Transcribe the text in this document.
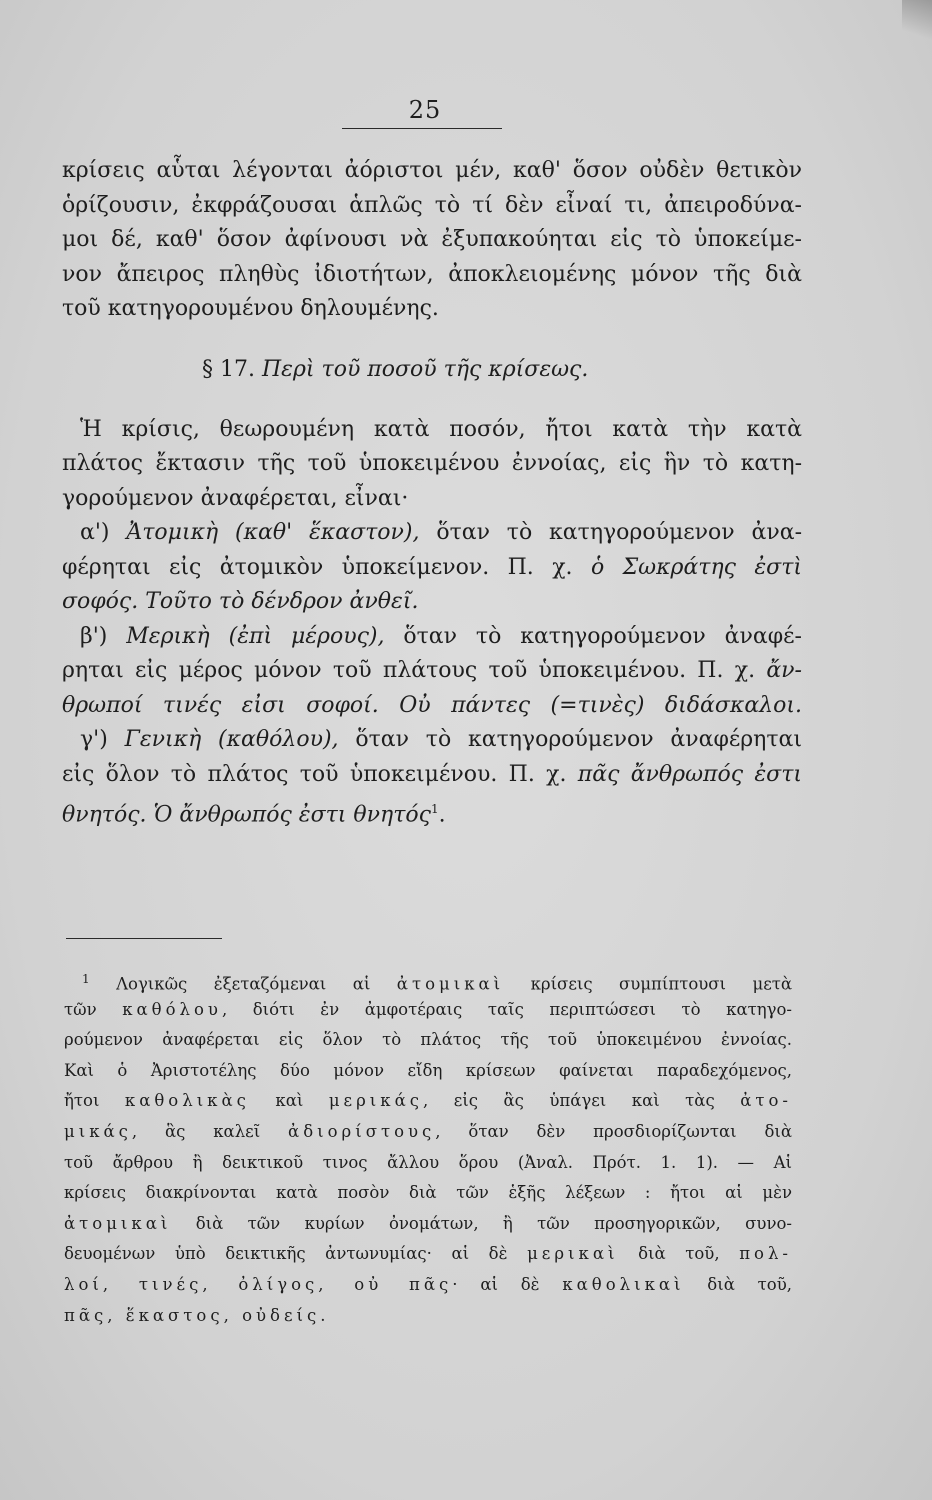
25
κρίσεις αὗται λέγονται ἀόριστοι μέν, καθ' ὅσον οὐδὲν θετικὸν
ὁρίζουσιν, ἐκφράζουσαι ἁπλῶς τὸ τί δὲν εἶναί τι, ἀπειροδύνα-
μοι δέ, καθ' ὅσον ἀφίνουσι νὰ ἐξυπακούηται εἰς τὸ ὑποκείμε-
νον ἄπειρος πληθὺς ἰδιοτήτων, ἀποκλειομένης μόνον τῆς διὰ
τοῦ κατηγορουμένου δηλουμένης.
§ 17. Περὶ τοῦ ποσοῦ τῆς κρίσεως.
Ἡ κρίσις, θεωρουμένη κατὰ ποσόν, ἤτοι κατὰ τὴν κατὰ
πλάτος ἔκτασιν τῆς τοῦ ὑποκειμένου ἐννοίας, εἰς ἣν τὸ κατη-
γορούμενον ἀναφέρεται, εἶναι·
α') Ἀτομικὴ (καθ' ἕκαστον), ὅταν τὸ κατηγορούμενον ἀνα-
φέρηται εἰς ἀτομικὸν ὑποκείμενον. Π. χ. ὁ Σωκράτης ἐστὶ
σοφός. Τοῦτο τὸ δένδρον ἀνθεῖ.
β') Μερικὴ (ἐπὶ μέρους), ὅταν τὸ κατηγορούμενον ἀναφέ-
ρηται εἰς μέρος μόνον τοῦ πλάτους τοῦ ὑποκειμένου. Π. χ. ἄν-
θρωποί τινές εἰσι σοφοί. Οὐ πάντες (=τινὲς) διδάσκαλοι.
γ') Γενικὴ (καθόλου), ὅταν τὸ κατηγορούμενον ἀναφέρηται
εἰς ὅλον τὸ πλάτος τοῦ ὑποκειμένου. Π. χ. πᾶς ἄνθρωπός ἐστι
θνητός. Ὁ ἄνθρωπός ἐστι θνητός$^1$.
$^1$ Λογικῶς ἐξεταζόμεναι αἱ ἀτομικαὶ κρίσεις συμπίπτουσι μετὰ
τῶν καθόλου, διότι ἐν ἀμφοτέραις ταῖς περιπτώσεσι τὸ κατηγο-
ρούμενον ἀναφέρεται εἰς ὅλον τὸ πλάτος τῆς τοῦ ὑποκειμένου ἐννοίας.
Καὶ ὁ Ἀριστοτέλης δύο μόνον εἴδη κρίσεων φαίνεται παραδεχόμενος,
ἤτοι καθολικὰς καὶ μερικάς, εἰς ἃς ὑπάγει καὶ τὰς ἀτο-
μικάς, ἃς καλεῖ ἀδιορίστους, ὅταν δὲν προσδιορίζωνται διὰ
τοῦ ἄρθρου ἢ δεικτικοῦ τινος ἄλλου ὅρου (Ἀναλ. Πρότ. 1. 1). — Αἱ
κρίσεις διακρίνονται κατὰ ποσὸν διὰ τῶν ἑξῆς λέξεων : ἤτοι αἱ μὲν
ἀτομικαὶ διὰ τῶν κυρίων ὀνομάτων, ἢ τῶν προσηγορικῶν, συνο-
δευομένων ὑπὸ δεικτικῆς ἀντωνυμίας· αἱ δὲ μερικαὶ διὰ τοῦ, πολ-
λοί, τινές, ὀλίγος, οὐ πᾶς· αἱ δὲ καθολικαὶ διὰ τοῦ,
πᾶς, ἕκαστος, οὐδείς.
